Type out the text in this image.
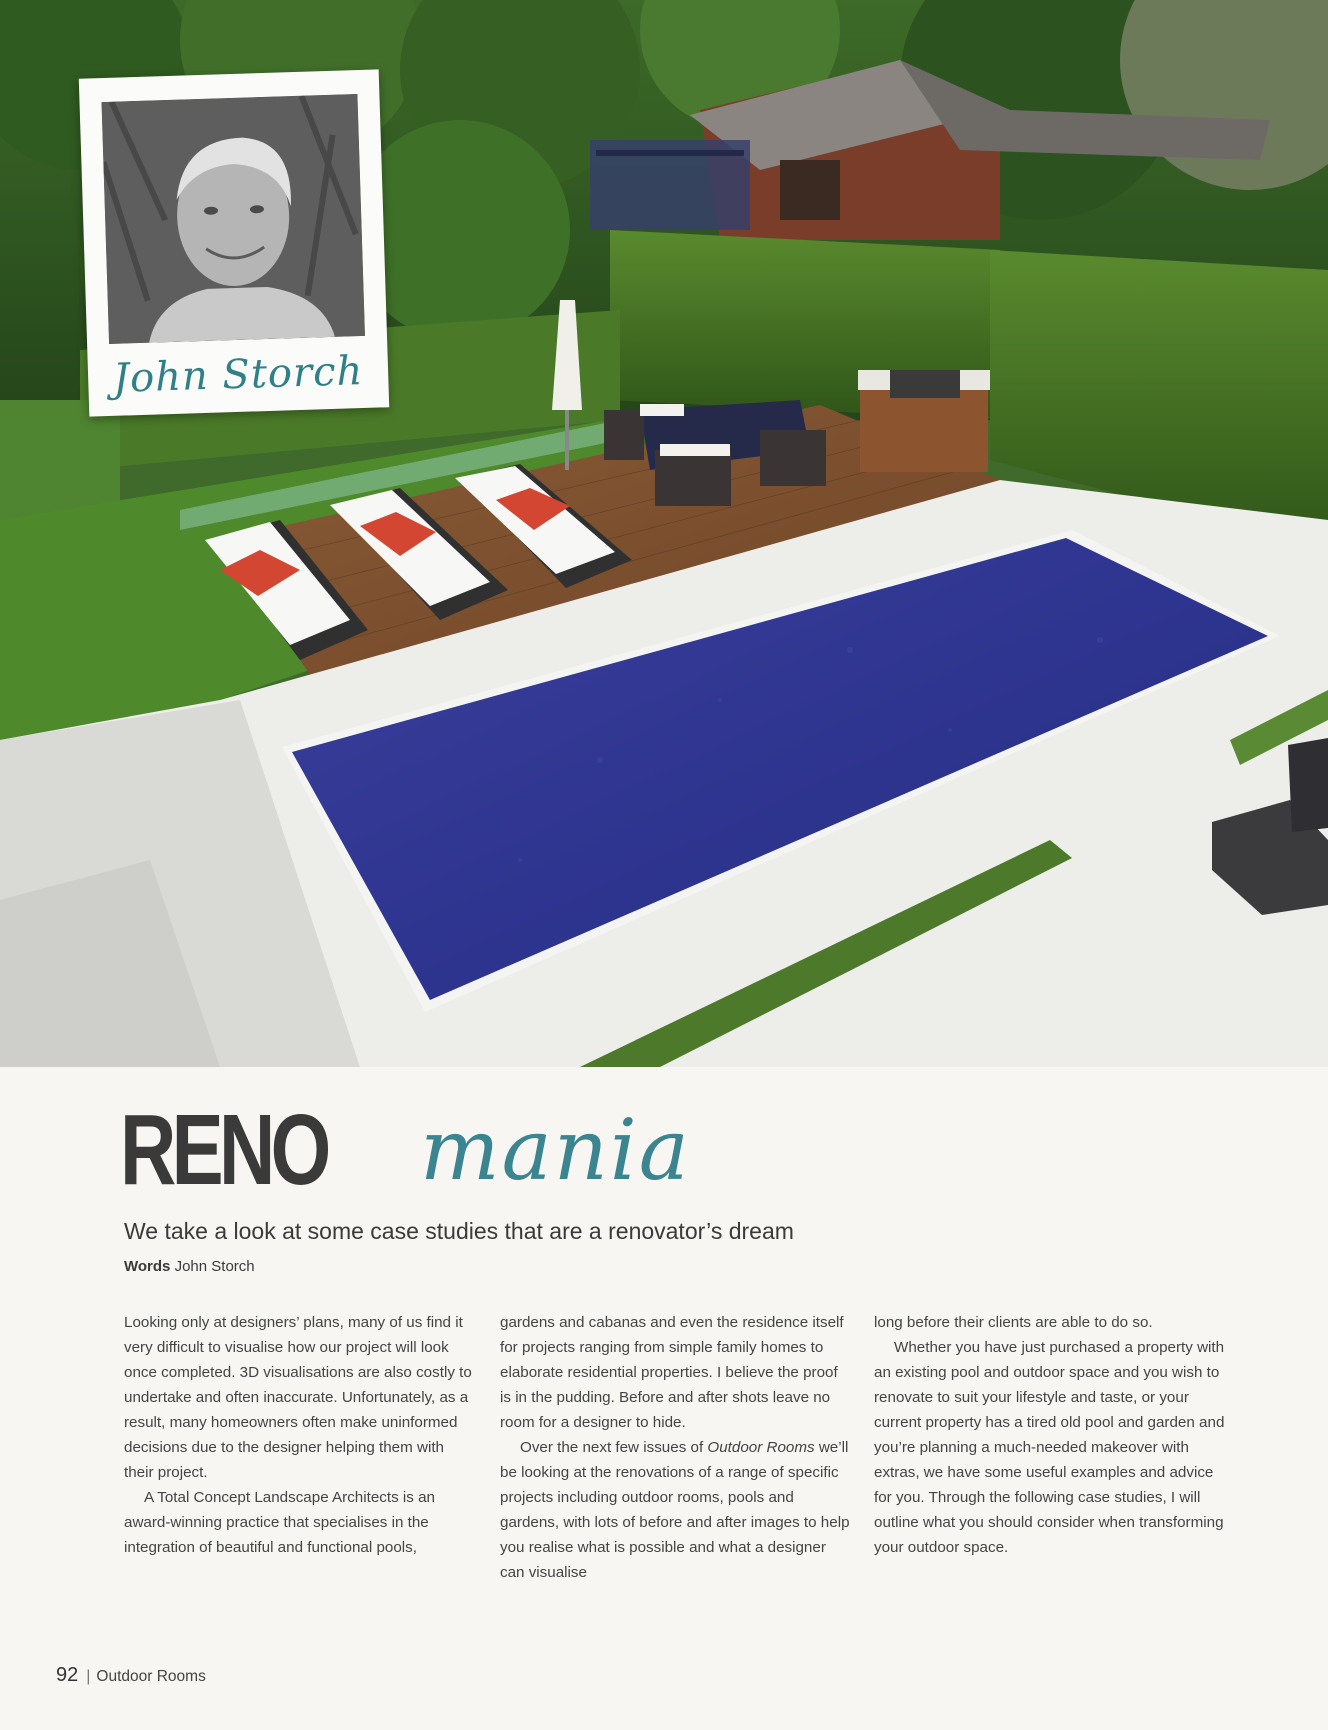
John Storch
RENO mania
We take a look at some case studies that are a renovator’s dream
Words John Storch

Looking only at designers’ plans, many of us find it very difficult to visualise how our project will look once completed. 3D visualisations are also costly to undertake and often inaccurate. Unfortunately, as a result, many homeowners often make uninformed decisions due to the designer helping them with their project.

A Total Concept Landscape Architects is an award-winning practice that specialises in the integration of beautiful and functional pools,

gardens and cabanas and even the residence itself for projects ranging from simple family homes to elaborate residential properties. I believe the proof is in the pudding. Before and after shots leave no room for a designer to hide.

Over the next few issues of Outdoor Rooms we’ll be looking at the renovations of a range of specific projects including outdoor rooms, pools and gardens, with lots of before and after images to help you realise what is possible and what a designer can visualise

long before their clients are able to do so.

Whether you have just purchased a property with an existing pool and outdoor space and you wish to renovate to suit your lifestyle and taste, or your current property has a tired old pool and garden and you’re planning a much-needed makeover with extras, we have some useful examples and advice for you. Through the following case studies, I will outline what you should consider when transforming your outdoor space.

92 | Outdoor Rooms
